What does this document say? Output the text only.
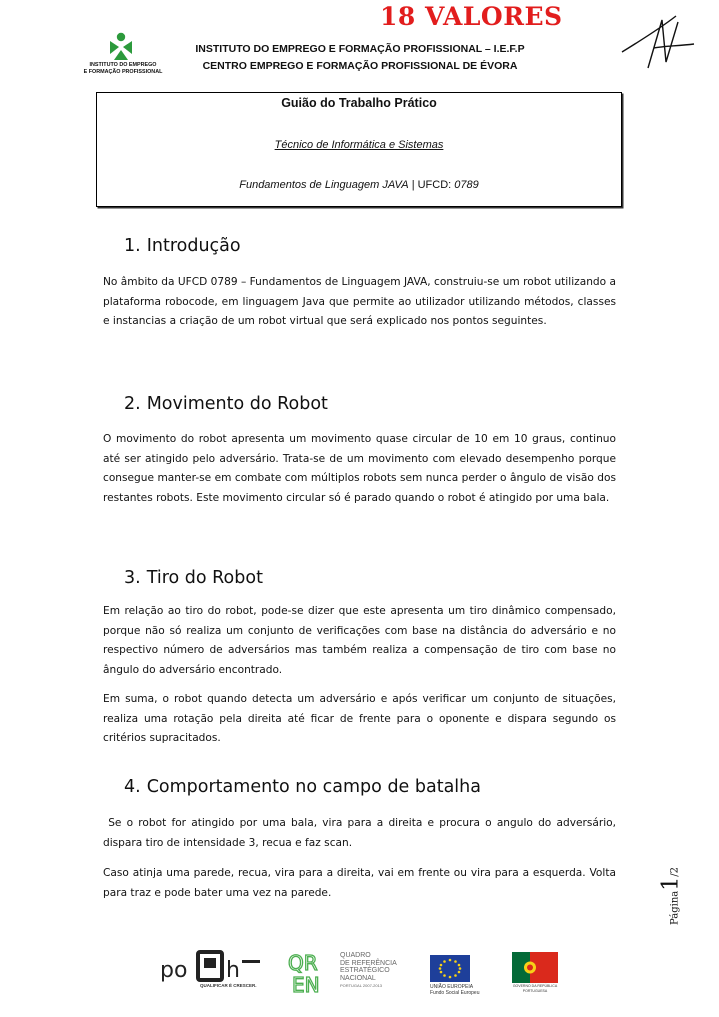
18 VALORES
INSTITUTO DO EMPREGO
E FORMAÇÃO PROFISSIONAL
INSTITUTO DO EMPREGO E FORMAÇÃO PROFISSIONAL – I.E.F.P
CENTRO EMPREGO E FORMAÇÃO PROFISSIONAL DE ÉVORA
Guião do Trabalho Prático
Técnico de Informática e Sistemas
Fundamentos de Linguagem JAVA | UFCD: 0789
1. Introdução
No âmbito da UFCD 0789 – Fundamentos de Linguagem JAVA, construiu-se um robot utilizando a plataforma robocode, em linguagem Java que permite ao utilizador utilizando métodos, classes e instancias a criação de um robot virtual que será explicado nos pontos seguintes.
2. Movimento do Robot
O movimento do robot apresenta um movimento quase circular de 10 em 10 graus, continuo até ser atingido pelo adversário. Trata-se de um movimento com elevado desempenho porque consegue manter-se em combate com múltiplos robots sem nunca perder o ângulo de visão dos restantes robots. Este movimento circular só é parado quando o robot é atingido por uma bala.
3. Tiro do Robot
Em relação ao tiro do robot, pode-se dizer que este apresenta um tiro dinâmico compensado, porque não só realiza um conjunto de verificações com base na distância do adversário e no respectivo número de adversários mas também realiza a compensação de tiro com base no ângulo do adversário encontrado.
Em suma, o robot quando detecta um adversário e após verificar um conjunto de situações, realiza uma rotação pela direita até ficar de frente para o oponente e dispara segundo os critérios supracitados.
4. Comportamento no campo de batalha
Se o robot for atingido por uma bala, vira para a direita e procura o angulo do adversário, dispara tiro de intensidade 3, recua e faz scan.
Caso atinja uma parede, recua, vira para a direita, vai em frente ou vira para a esquerda. Volta para traz e pode bater uma vez na parede.	Página1/2
po h
QUALIFICAR É CRESCER.
QR
EN
QUADRO
DE REFERÊNCIA
ESTRATÉGICO
NACIONAL
PORTUGAL 2007-2013	UNIÃO EUROPEIA
Fundo Social Europeu
GOVERNO DA REPÚBLICA
PORTUGUESA
